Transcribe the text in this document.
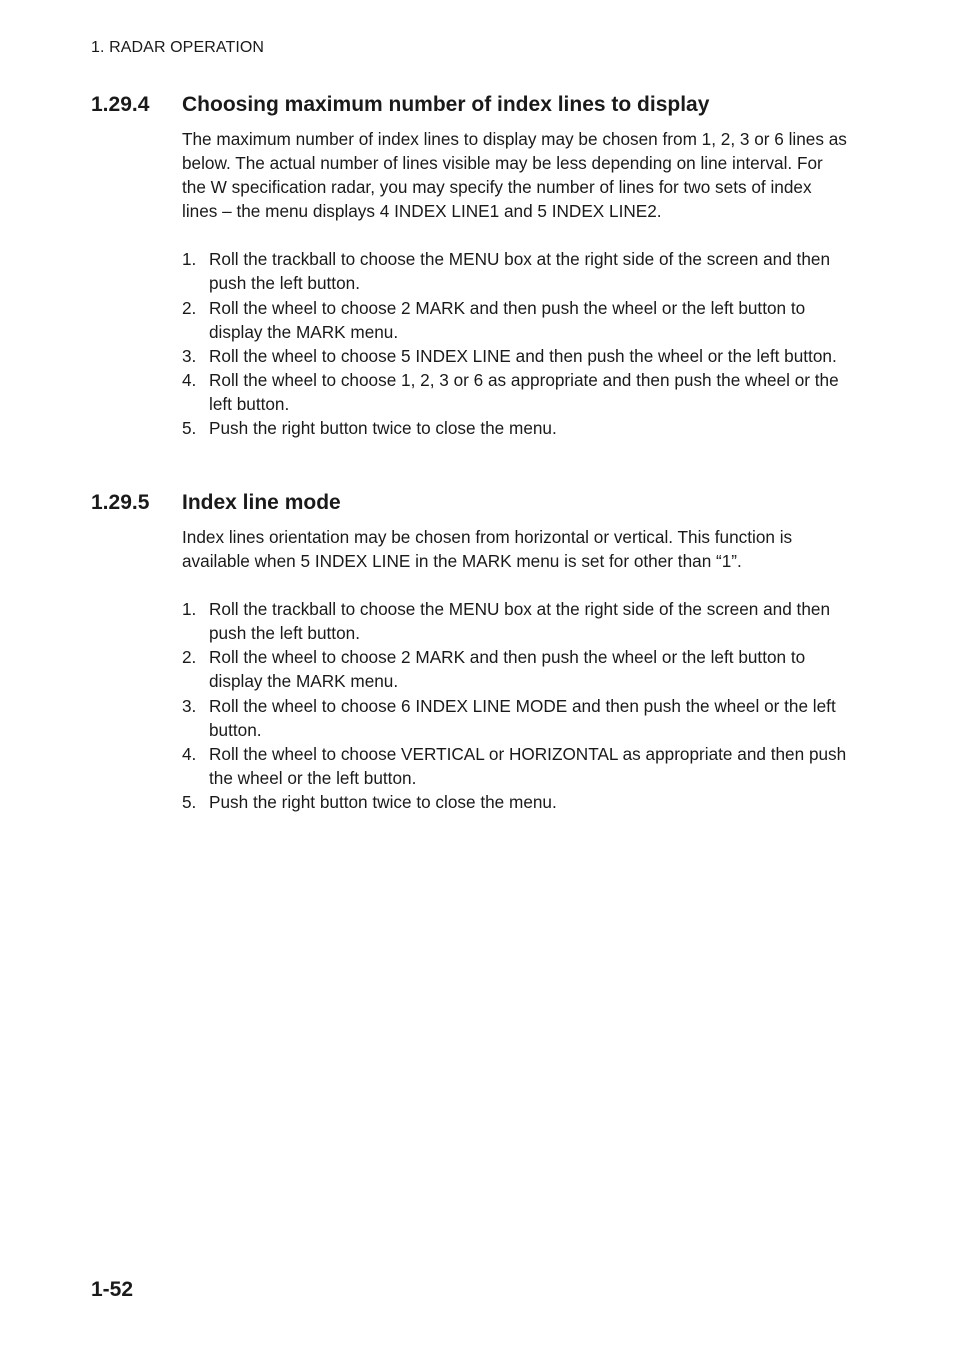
1. RADAR OPERATION
1.29.4	Choosing maximum number of index lines to display

The maximum number of index lines to display may be chosen from 1, 2, 3 or 6 lines as below. The actual number of lines visible may be less depending on line interval. For the W specification radar, you may specify the number of lines for two sets of index lines – the menu displays 4 INDEX LINE1 and 5 INDEX LINE2.

1. Roll the trackball to choose the MENU box at the right side of the screen and then push the left button.
2. Roll the wheel to choose 2 MARK and then push the wheel or the left button to display the MARK menu.
3. Roll the wheel to choose 5 INDEX LINE and then push the wheel or the left button.
4. Roll the wheel to choose 1, 2, 3 or 6 as appropriate and then push the wheel or the left button.
5. Push the right button twice to close the menu.
1.29.5	Index line mode

Index lines orientation may be chosen from horizontal or vertical. This function is available when 5 INDEX LINE in the MARK menu is set for other than “1”.

1. Roll the trackball to choose the MENU box at the right side of the screen and then push the left button.
2. Roll the wheel to choose 2 MARK and then push the wheel or the left button to display the MARK menu.
3. Roll the wheel to choose 6 INDEX LINE MODE and then push the wheel or the left button.
4. Roll the wheel to choose VERTICAL or HORIZONTAL as appropriate and then push the wheel or the left button.
5. Push the right button twice to close the menu.
1-52
